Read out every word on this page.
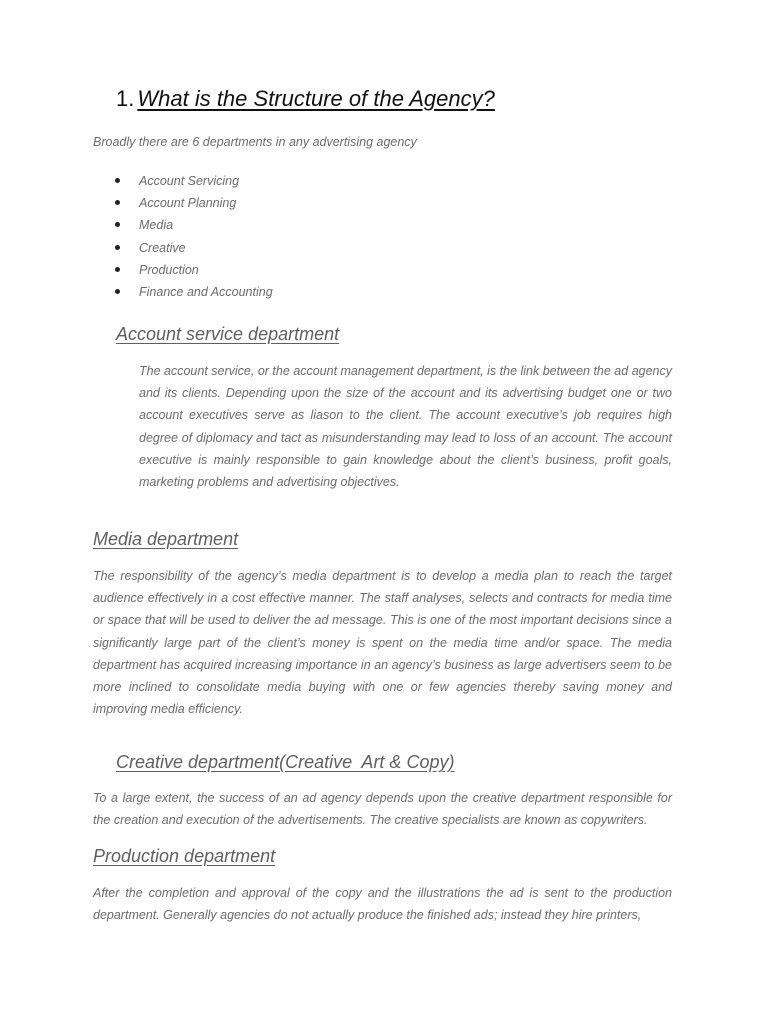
1. What is the Structure of the Agency?

Broadly there are 6 departments in any advertising agency

Account Servicing
Account Planning
Media
Creative
Production
Finance and Accounting
Account service department

The account service, or the account management department, is the link between the ad agency and its clients. Depending upon the size of the account and its advertising budget one or two account executives serve as liason to the client. The account executive’s job requires high degree of diplomacy and tact as misunderstanding may lead to loss of an account. The account executive is mainly responsible to gain knowledge about the client’s business, profit goals, marketing problems and advertising objectives.

Media department

The responsibility of the agency’s media department is to develop a media plan to reach the target audience effectively in a cost effective manner. The staff analyses, selects and contracts for media time or space that will be used to deliver the ad message. This is one of the most important decisions since a significantly large part of the client’s money is spent on the media time and/or space. The media department has acquired increasing importance in an agency’s business as large advertisers seem to be more inclined to consolidate media buying with one or few agencies thereby saving money and improving media efficiency.

Creative department(Creative  Art & Copy)

To a large extent, the success of an ad agency depends upon the creative department responsible for the creation and execution of the advertisements. The creative specialists are known as copywriters.

Production department

After the completion and approval of the copy and the illustrations the ad is sent to the production department. Generally agencies do not actually produce the finished ads; instead they hire printers,
